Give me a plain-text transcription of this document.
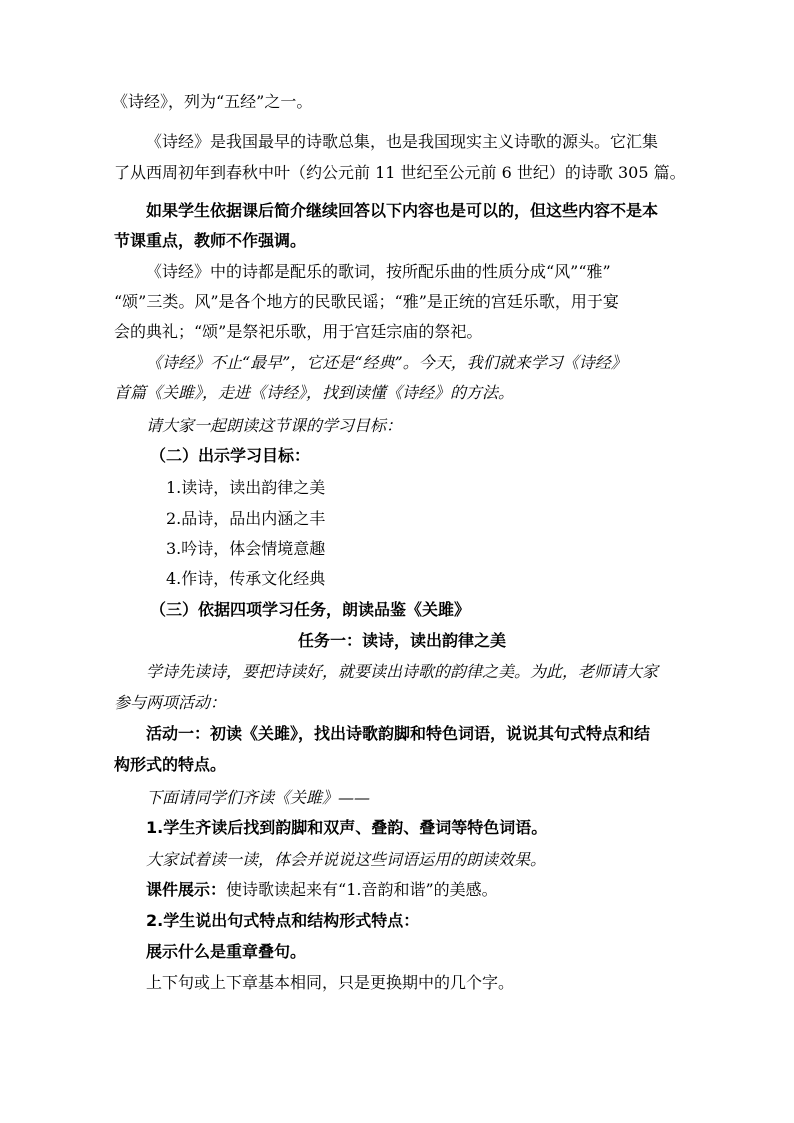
《诗经》，列为“五经”之一。
《诗经》是我国最早的诗歌总集，也是我国现实主义诗歌的源头。它汇集
了从西周初年到春秋中叶（约公元前 11 世纪至公元前 6 世纪）的诗歌 305 篇。
如果学生依据课后简介继续回答以下内容也是可以的，但这些内容不是本
节课重点，教师不作强调。
《诗经》中的诗都是配乐的歌词，按所配乐曲的性质分成“风”“雅”
“颂”三类。风”是各个地方的民歌民谣；“雅”是正统的宫廷乐歌，用于宴
会的典礼；“颂”是祭祀乐歌，用于宫廷宗庙的祭祀。
《诗经》不止“最早”，它还是“经典”。今天，我们就来学习《诗经》
首篇《关雎》，走进《诗经》，找到读懂《诗经》的方法。
请大家一起朗读这节课的学习目标：
（二）出示学习目标：
1.读诗，读出韵律之美
2.品诗，品出内涵之丰
3.吟诗，体会情境意趣
4.作诗，传承文化经典
（三）依据四项学习任务，朗读品鉴《关雎》
任务一：读诗，读出韵律之美
学诗先读诗，要把诗读好，就要读出诗歌的韵律之美。为此，老师请大家
参与两项活动：
活动一：初读《关雎》，找出诗歌韵脚和特色词语，说说其句式特点和结
构形式的特点。
下面请同学们齐读《关雎》——
1.学生齐读后找到韵脚和双声、叠韵、叠词等特色词语。
大家试着读一读，体会并说说这些词语运用的朗读效果。
课件展示：使诗歌读起来有“1.音韵和谐”的美感。
2.学生说出句式特点和结构形式特点：
展示什么是重章叠句。
上下句或上下章基本相同，只是更换期中的几个字。
